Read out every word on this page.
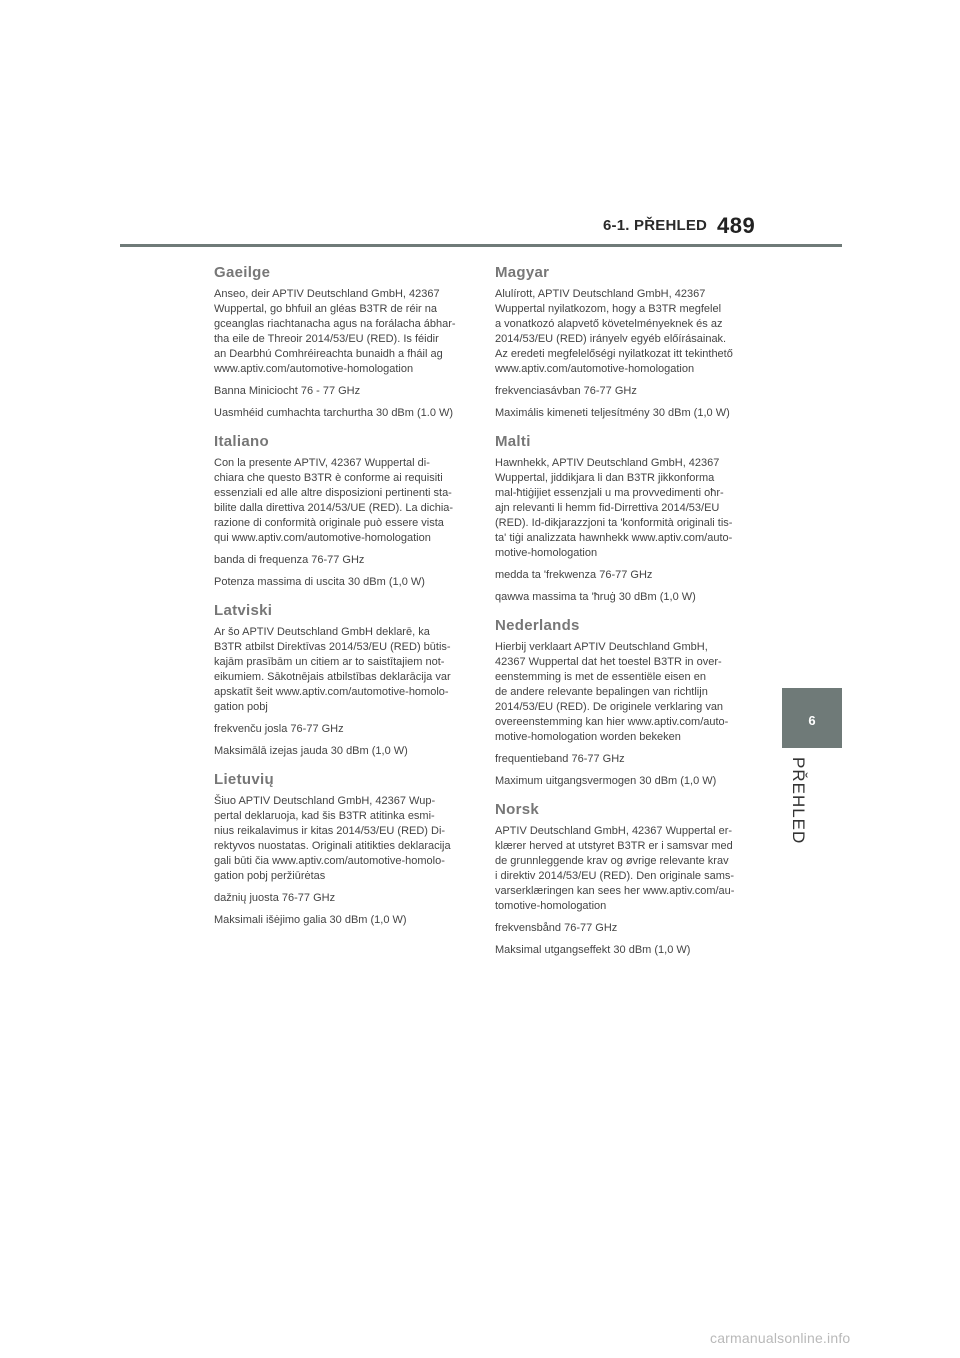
6-1. PŘEHLED 489
6
PŘEHLED
Gaeilge

Anseo, deir APTIV Deutschland GmbH, 42367
Wuppertal, go bhfuil an gléas B3TR de réir na
gceanglas riachtanacha agus na forálacha ábhar-
tha eile de Threoir 2014/53/EU (RED). Is féidir
an Dearbhú Comhréireachta bunaidh a fháil ag
www.aptiv.com/automotive-homologation

Banna Miniciocht 76 - 77 GHz

Uasmhéid cumhachta tarchurtha 30 dBm (1.0 W)

Italiano

Con la presente APTIV, 42367 Wuppertal di-
chiara che questo B3TR è conforme ai requisiti
essenziali ed alle altre disposizioni pertinenti sta-
bilite dalla direttiva 2014/53/UE (RED). La dichia-
razione di conformità originale può essere vista
qui www.aptiv.com/automotive-homologation

banda di frequenza 76-77 GHz

Potenza massima di uscita 30 dBm (1,0 W)

Latviski

Ar šo APTIV Deutschland GmbH deklarē, ka
B3TR atbilst Direktīvas 2014/53/EU (RED) būtis-
kajām prasībām un citiem ar to saistītajiem not-
eikumiem. Sākotnējais atbilstības deklarācija var
apskatīt šeit www.aptiv.com/automotive-homolo-
gation pobj

frekvenču josla 76-77 GHz

Maksimālā izejas jauda 30 dBm (1,0 W)

Lietuvių

Šiuo APTIV Deutschland GmbH, 42367 Wup-
pertal deklaruoja, kad šis B3TR atitinka esmi-
nius reikalavimus ir kitas 2014/53/EU (RED) Di-
rektyvos nuostatas. Originali atitikties deklaracija
gali būti čia www.aptiv.com/automotive-homolo-
gation pobj peržiūrėtas

dažnių juosta 76-77 GHz

Maksimali išėjimo galia 30 dBm (1,0 W)

Magyar

Alulírott, APTIV Deutschland GmbH, 42367
Wuppertal nyilatkozom, hogy a B3TR megfelel
a vonatkozó alapvető követelményeknek és az
2014/53/EU (RED) irányelv egyéb előírásainak.
Az eredeti megfelelőségi nyilatkozat itt tekinthető
www.aptiv.com/automotive-homologation

frekvenciasávban 76-77 GHz

Maximális kimeneti teljesítmény 30 dBm (1,0 W)

Malti

Hawnhekk, APTIV Deutschland GmbH, 42367
Wuppertal, jiddikjara li dan B3TR jikkonforma
mal-ħtiġijiet essenzjali u ma provvedimenti oħr-
ajn relevanti li hemm fid-Dirrettiva 2014/53/EU
(RED). Id-dikjarazzjoni ta 'konformità originali tis-
ta' tiġi analizzata hawnhekk www.aptiv.com/auto-
motive-homologation

medda ta 'frekwenza 76-77 GHz

qawwa massima ta 'ħruġ 30 dBm (1,0 W)

Nederlands

Hierbij verklaart APTIV Deutschland GmbH,
42367 Wuppertal dat het toestel B3TR in over-
eenstemming is met de essentiële eisen en
de andere relevante bepalingen van richtlijn
2014/53/EU (RED). De originele verklaring van
overeenstemming kan hier www.aptiv.com/auto-
motive-homologation worden bekeken

frequentieband 76-77 GHz

Maximum uitgangsvermogen 30 dBm (1,0 W)

Norsk

APTIV Deutschland GmbH, 42367 Wuppertal er-
klærer herved at utstyret B3TR er i samsvar med
de grunnleggende krav og øvrige relevante krav
i direktiv 2014/53/EU (RED). Den originale sams-
varserklæringen kan sees her www.aptiv.com/au-
tomotive-homologation

frekvensbånd 76-77 GHz

Maksimal utgangseffekt 30 dBm (1,0 W)

carmanualsonline.info
